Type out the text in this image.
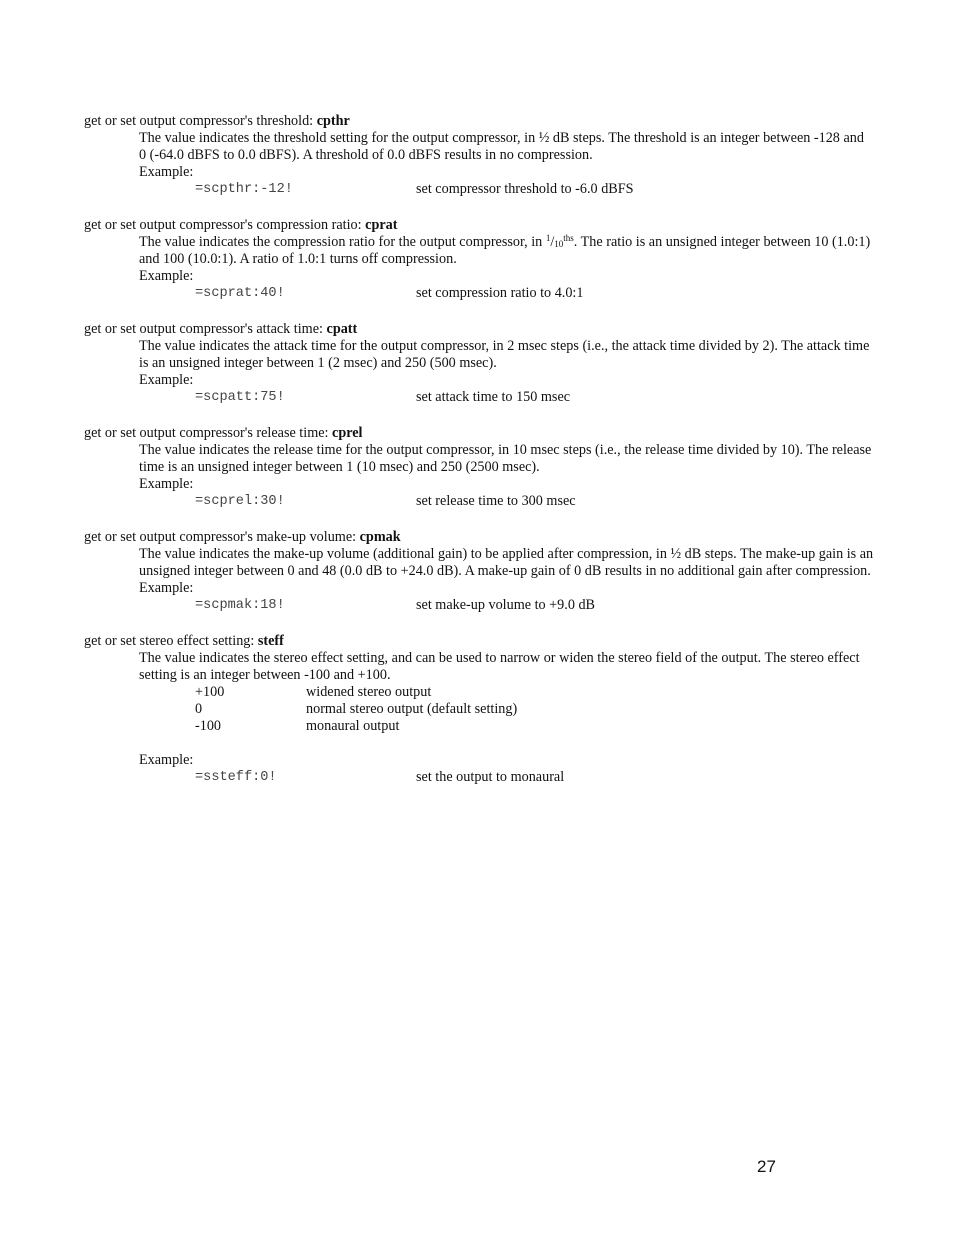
get or set output compressor's threshold: cpthr

The value indicates the threshold setting for the output compressor, in ½ dB steps. The threshold is an integer between -128 and 0 (-64.0 dBFS to 0.0 dBFS). A threshold of 0.0 dBFS results in no compression.

Example:

=scpthr:-12!	set compressor threshold to -6.0 dBFS

get or set output compressor's compression ratio: cprat

The value indicates the compression ratio for the output compressor, in $^1/_{10}^{ths}$. The ratio is an unsigned integer between 10 (1.0:1) and 100 (10.0:1). A ratio of 1.0:1 turns off compression.

Example:

=scprat:40!	set compression ratio to 4.0:1

get or set output compressor's attack time: cpatt

The value indicates the attack time for the output compressor, in 2 msec steps (i.e., the attack time divided by 2). The attack time is an unsigned integer between 1 (2 msec) and 250 (500 msec).

Example:

=scpatt:75!	set attack time to 150 msec

get or set output compressor's release time: cprel

The value indicates the release time for the output compressor, in 10 msec steps (i.e., the release time divided by 10). The release time is an unsigned integer between 1 (10 msec) and 250 (2500 msec).

Example:

=scprel:30!	set release time to 300 msec

get or set output compressor's make-up volume: cpmak

The value indicates the make-up volume (additional gain) to be applied after compression, in ½ dB steps. The make-up gain is an unsigned integer between 0 and 48 (0.0 dB to +24.0 dB). A make-up gain of 0 dB results in no additional gain after compression.

Example:

=scpmak:18!	set make-up volume to +9.0 dB

get or set stereo effect setting: steff

The value indicates the stereo effect setting, and can be used to narrow or widen the stereo field of the output. The stereo effect setting is an integer between -100 and +100.

+100	widened stereo output
0	normal stereo output (default setting)
-100	monaural output

Example:

=ssteff:0!	set the output to monaural
27
